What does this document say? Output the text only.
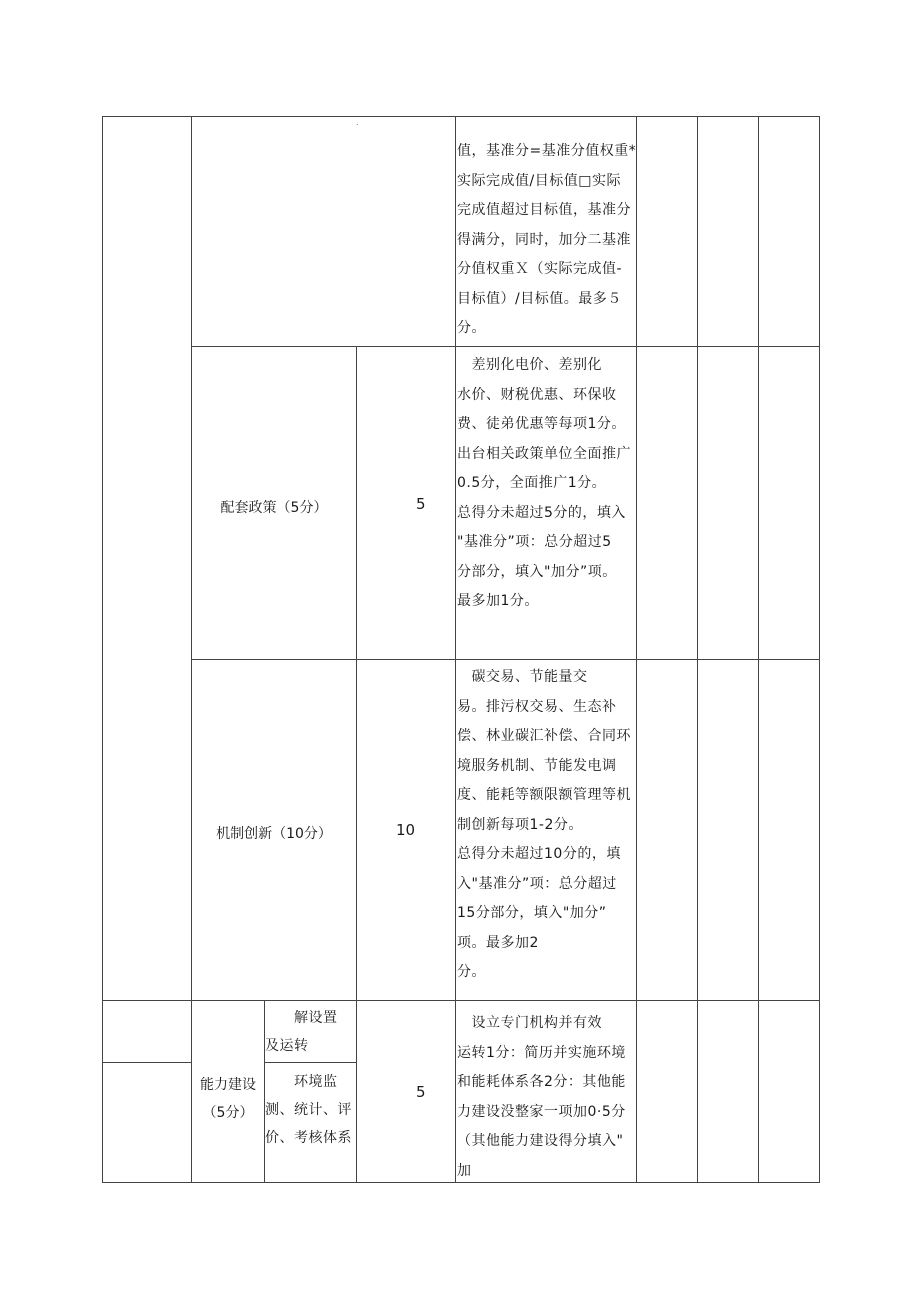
.
值，基准分=基准分值权重*
实际完成值/目标值□实际
完成值超过目标值，基准分
得满分，同时，加分二基准
分值权重Ｘ（实际完成值-
目标值）/目标值。最多５
分。
配套政策（5分）	5
　差别化电价、差别化
水价、财税优惠、环保收
费、徒弟优惠等每项1分。
出台相关政策单位全面推广
0.5分，全面推广1分。
总得分未超过5分的，填入
"基准分”项：总分超过5
分部分，填入"加分”项。
最多加1分。
机制创新（10分）	10
　碳交易、节能量交
易。排污权交易、生态补
偿、林业碳汇补偿、合同环
境服务机制、节能发电调
度、能耗等额限额管理等机
制创新每项1-2分。
总得分未超过10分的，填
入"基准分”项：总分超过
15分部分，填入"加分”
项。最多加2
分。
能力建设
（5分）
　　解设置
及运转
　　环境监
测、统计、评
价、考核体系
5
　设立专门机构并有效
运转1分：简历并实施环境
和能耗体系各2分：其他能
力建设没整家一项加0·5分
（其他能力建设得分填入"
加
